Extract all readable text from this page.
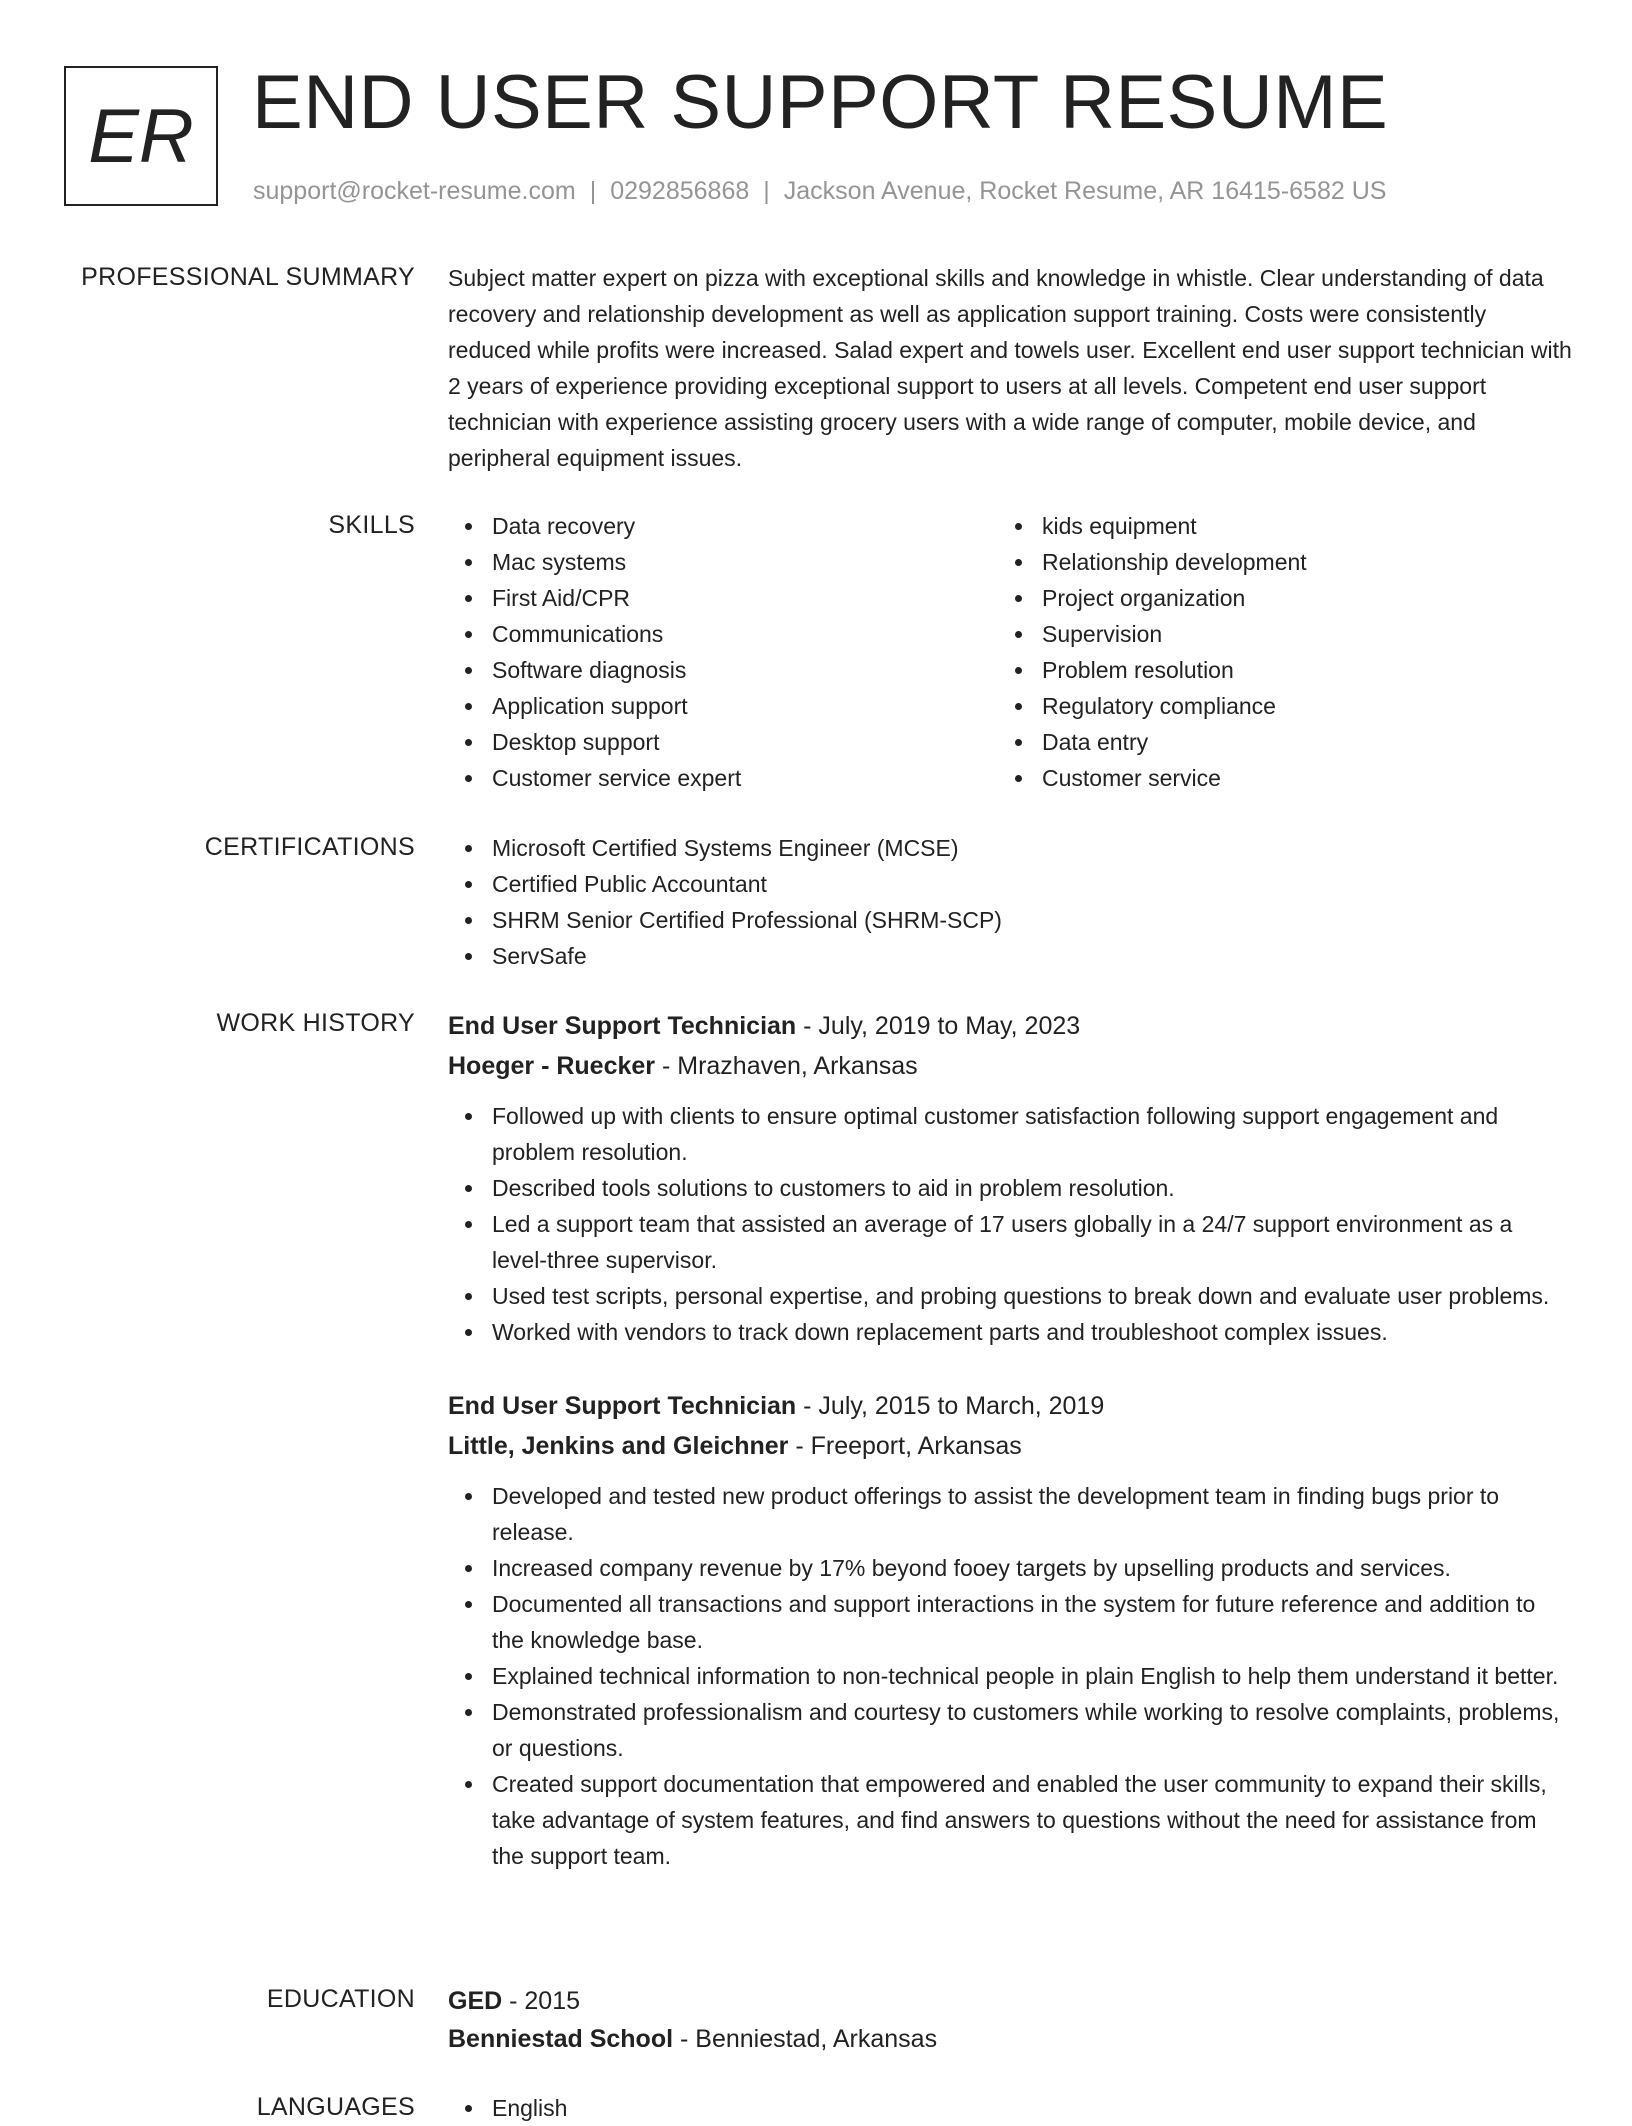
ER END USER SUPPORT RESUME
support@rocket-resume.com | 0292856868 | Jackson Avenue, Rocket Resume, AR 16415-6582 US
PROFESSIONAL SUMMARY Subject matter expert on pizza with exceptional skills and knowledge in whistle. Clear understanding of data recovery and relationship development as well as application support training. Costs were consistently reduced while profits were increased. Salad expert and towels user. Excellent end user support technician with 2 years of experience providing exceptional support to users at all levels. Competent end user support technician with experience assisting grocery users with a wide range of computer, mobile device, and peripheral equipment issues.

SKILLS	Data recovery
Mac systems
First Aid/CPR
Communications
Software diagnosis
Application support
Desktop support
Customer service expert
kids equipment
Relationship development
Project organization
Supervision
Problem resolution
Regulatory compliance
Data entry
Customer service
CERTIFICATIONS	Microsoft Certified Systems Engineer (MCSE)
Certified Public Accountant
SHRM Senior Certified Professional (SHRM-SCP)
ServSafe
WORK HISTORY End User Support Technician - July, 2019 to May, 2023
Hoeger - Ruecker - Mrazhaven, Arkansas
Followed up with clients to ensure optimal customer satisfaction following support engagement and problem resolution.
Described tools solutions to customers to aid in problem resolution.
Led a support team that assisted an average of 17 users globally in a 24/7 support environment as a level-three supervisor.
Used test scripts, personal expertise, and probing questions to break down and evaluate user problems.
Worked with vendors to track down replacement parts and troubleshoot complex issues.
End User Support Technician - July, 2015 to March, 2019
Little, Jenkins and Gleichner - Freeport, Arkansas
Developed and tested new product offerings to assist the development team in finding bugs prior to release.
Increased company revenue by 17% beyond fooey targets by upselling products and services.
Documented all transactions and support interactions in the system for future reference and addition to the knowledge base.
Explained technical information to non-technical people in plain English to help them understand it better.
Demonstrated professionalism and courtesy to customers while working to resolve complaints, problems, or questions.
Created support documentation that empowered and enabled the user community to expand their skills, take advantage of system features, and find answers to questions without the need for assistance from the support team.
EDUCATION GED - 2015
Benniestad School - Benniestad, Arkansas
LANGUAGES	English
